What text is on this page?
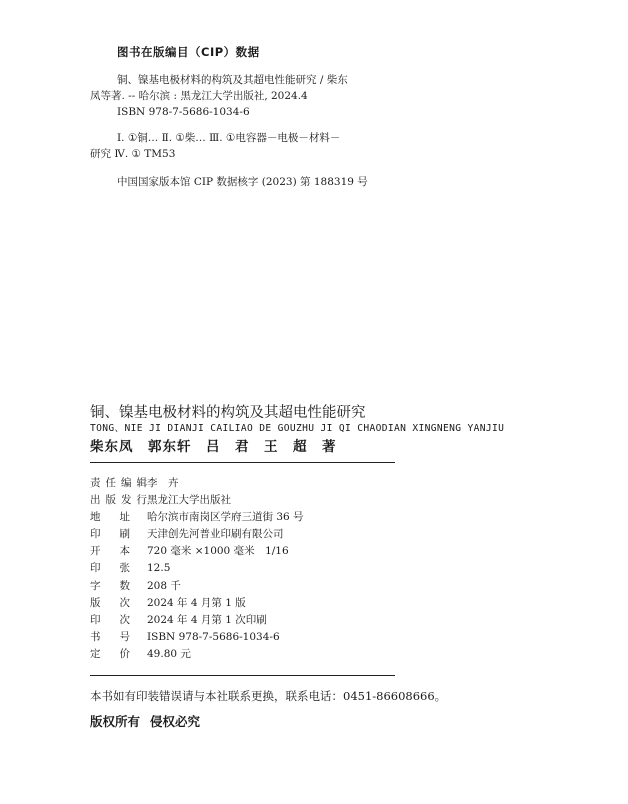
图书在版编目（CIP）数据
铜、镍基电极材料的构筑及其超电性能研究 / 柴东
凤等著. -- 哈尔滨 : 黑龙江大学出版社, 2024.4
ISBN 978-7-5686-1034-6
Ⅰ. ①铜… Ⅱ. ①柴… Ⅲ. ①电容器－电极－材料－
研究 Ⅳ. ① TM53
中国国家版本馆 CIP 数据核字 (2023) 第 188319 号
铜、镍基电极材料的构筑及其超电性能研究
TONG、NIE JI DIANJI CAILIAO DE GOUZHU JI QI CHAODIAN XINGNENG YANJIU
柴东凤　郭东轩　吕　君　王　超　著
责 任 编 辑 李　卉
出 版 发 行 黑龙江大学出版社
地 址 哈尔滨市南岗区学府三道街 36 号
印 刷 天津创先河普业印刷有限公司
开 本 720 毫米 ×1000 毫米　1/16
印 张 12.5
字 数 208 千
版 次 2024 年 4 月第 1 版
印 次 2024 年 4 月第 1 次印刷
书 号 ISBN 978-7-5686-1034-6
定 价 49.80 元
本书如有印装错误请与本社联系更换，联系电话：0451-86608666。
版权所有 侵权必究
